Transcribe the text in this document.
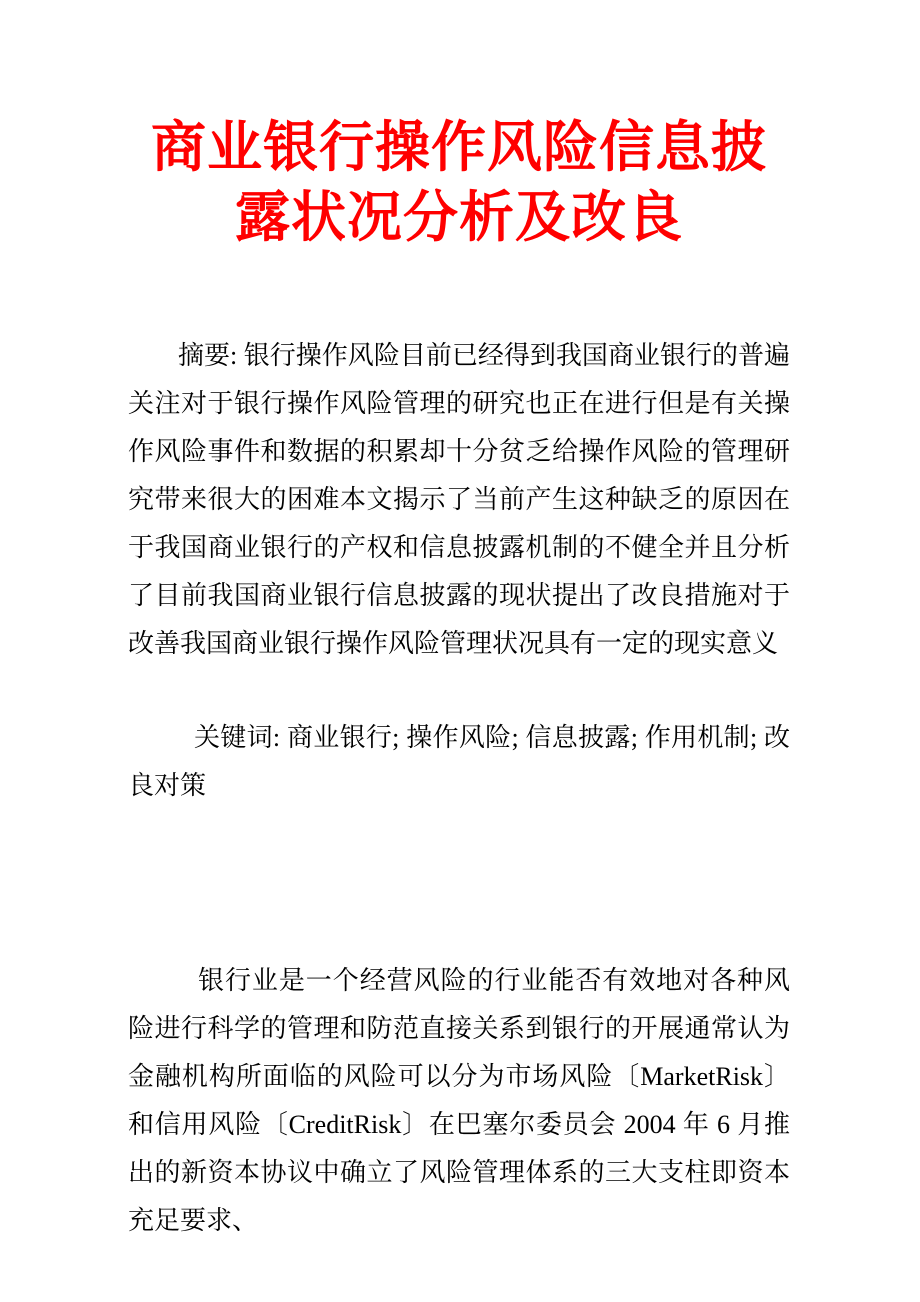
商业银行操作风险信息披
露状况分析及改良

摘要: 银行操作风险目前已经得到我国商业银行的普遍关注对于银行操作风险管理的研究也正在进行但是有关操作风险事件和数据的积累却十分贫乏给操作风险的管理研究带来很大的困难本文揭示了当前产生这种缺乏的原因在于我国商业银行的产权和信息披露机制的不健全并且分析了目前我国商业银行信息披露的现状提出了改良措施对于改善我国商业银行操作风险管理状况具有一定的现实意义

关键词: 商业银行; 操作风险; 信息披露; 作用机制; 改良对策

银行业是一个经营风险的行业能否有效地对各种风险进行科学的管理和防范直接关系到银行的开展通常认为金融机构所面临的风险可以分为市场风险〔MarketRisk〕和信用风险〔CreditRisk〕在巴塞尔委员会 2004 年 6 月推出的新资本协议中确立了风险管理体系的三大支柱即资本充足要求、
